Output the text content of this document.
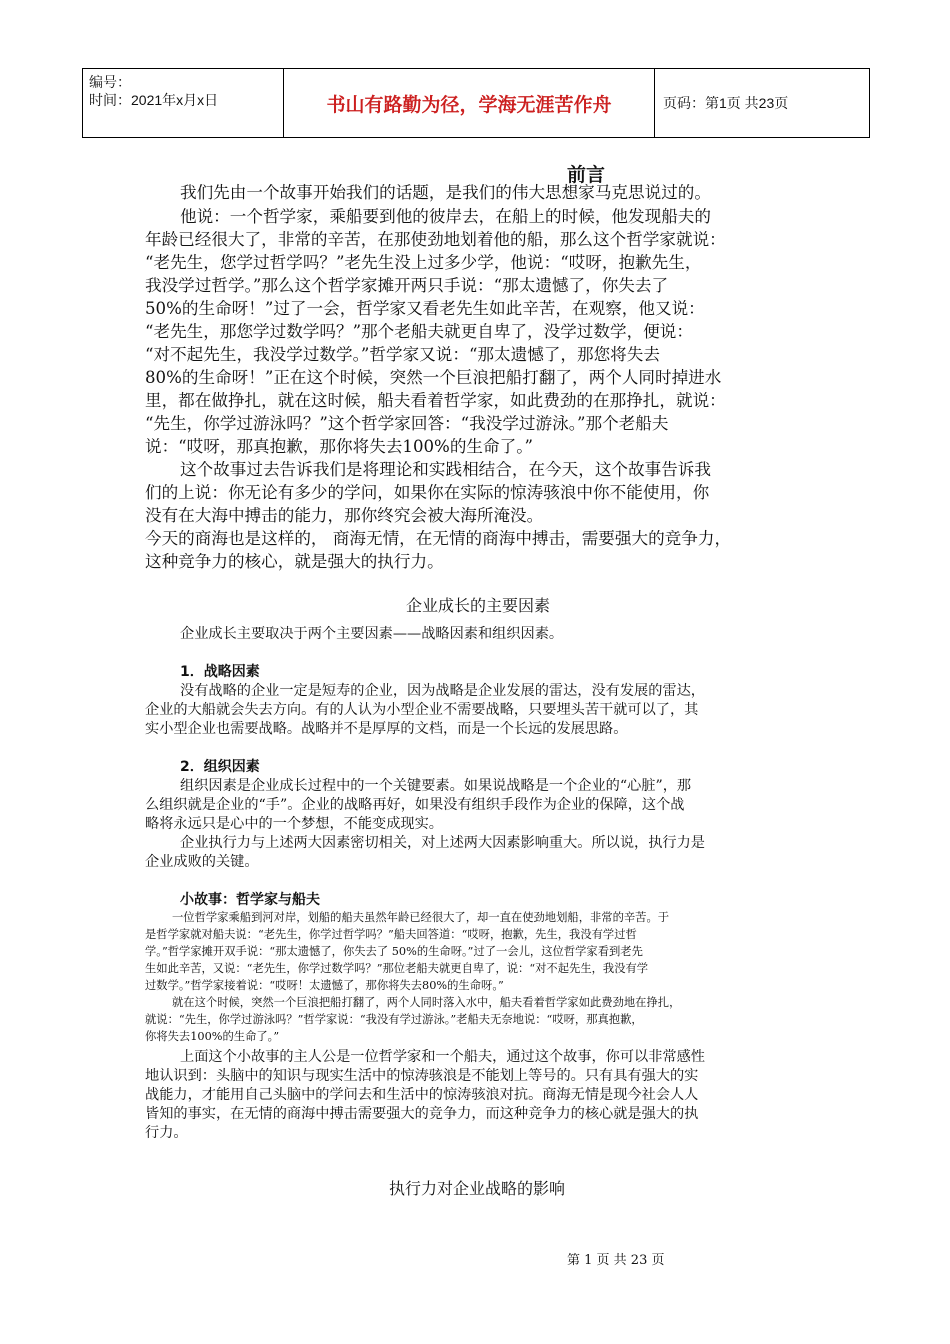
编号：
时间：2021年x月x日	书山有路勤为径，学海无涯苦作舟	页码：第1页 共23页
前言
我们先由一个故事开始我们的话题，是我们的伟大思想家马克思说过的。
他说：一个哲学家，乘船要到他的彼岸去，在船上的时候，他发现船夫的
年龄已经很大了，非常的辛苦，在那使劲地划着他的船，那么这个哲学家就说：
“老先生，您学过哲学吗？”老先生没上过多少学，他说：“哎呀，抱歉先生，
我没学过哲学。”那么这个哲学家摊开两只手说：“那太遗憾了，你失去了
50%的生命呀！”过了一会，哲学家又看老先生如此辛苦，在观察，他又说：
“老先生，那您学过数学吗？”那个老船夫就更自卑了，没学过数学，便说：
“对不起先生，我没学过数学。”哲学家又说：“那太遗憾了，那您将失去
80%的生命呀！”正在这个时候，突然一个巨浪把船打翻了，两个人同时掉进水
里，都在做挣扎，就在这时候，船夫看着哲学家，如此费劲的在那挣扎，就说：
“先生，你学过游泳吗？”这个哲学家回答：“我没学过游泳。”那个老船夫
说：“哎呀，那真抱歉，那你将失去100%的生命了。”
这个故事过去告诉我们是将理论和实践相结合，在今天，这个故事告诉我
们的上说：你无论有多少的学问，如果你在实际的惊涛骇浪中你不能使用，你
没有在大海中搏击的能力，那你终究会被大海所淹没。
今天的商海也是这样的， 商海无情，在无情的商海中搏击，需要强大的竞争力，
这种竞争力的核心，就是强大的执行力。
企业成长的主要因素
企业成长主要取决于两个主要因素——战略因素和组织因素。
1．战略因素
没有战略的企业一定是短寿的企业，因为战略是企业发展的雷达，没有发展的雷达，
企业的大船就会失去方向。有的人认为小型企业不需要战略，只要埋头苦干就可以了，其
实小型企业也需要战略。战略并不是厚厚的文档，而是一个长远的发展思路。
2．组织因素
组织因素是企业成长过程中的一个关键要素。如果说战略是一个企业的“心脏”，那
么组织就是企业的“手”。企业的战略再好，如果没有组织手段作为企业的保障，这个战
略将永远只是心中的一个梦想，不能变成现实。
企业执行力与上述两大因素密切相关，对上述两大因素影响重大。所以说，执行力是
企业成败的关键。
小故事：哲学家与船夫
一位哲学家乘船到河对岸，划船的船夫虽然年龄已经很大了，却一直在使劲地划船，非常的辛苦。于
是哲学家就对船夫说：“老先生，你学过哲学吗？”船夫回答道：“哎呀，抱歉，先生，我没有学过哲
学。”哲学家摊开双手说：“那太遗憾了，你失去了 50%的生命呀。”过了一会儿，这位哲学家看到老先
生如此辛苦，又说：“老先生，你学过数学吗？”那位老船夫就更自卑了，说：“对不起先生，我没有学
过数学。”哲学家接着说：“哎呀！太遗憾了，那你将失去80%的生命呀。”
就在这个时候，突然一个巨浪把船打翻了，两个人同时落入水中，船夫看着哲学家如此费劲地在挣扎，
就说：“先生，你学过游泳吗？”哲学家说：“我没有学过游泳。”老船夫无奈地说：“哎呀，那真抱歉，
你将失去100%的生命了。”
上面这个小故事的主人公是一位哲学家和一个船夫，通过这个故事，你可以非常感性
地认识到：头脑中的知识与现实生活中的惊涛骇浪是不能划上等号的。只有具有强大的实
战能力，才能用自己头脑中的学问去和生活中的惊涛骇浪对抗。商海无情是现今社会人人
皆知的事实，在无情的商海中搏击需要强大的竞争力，而这种竞争力的核心就是强大的执
行力。
执行力对企业战略的影响
第 1 页 共 23 页
